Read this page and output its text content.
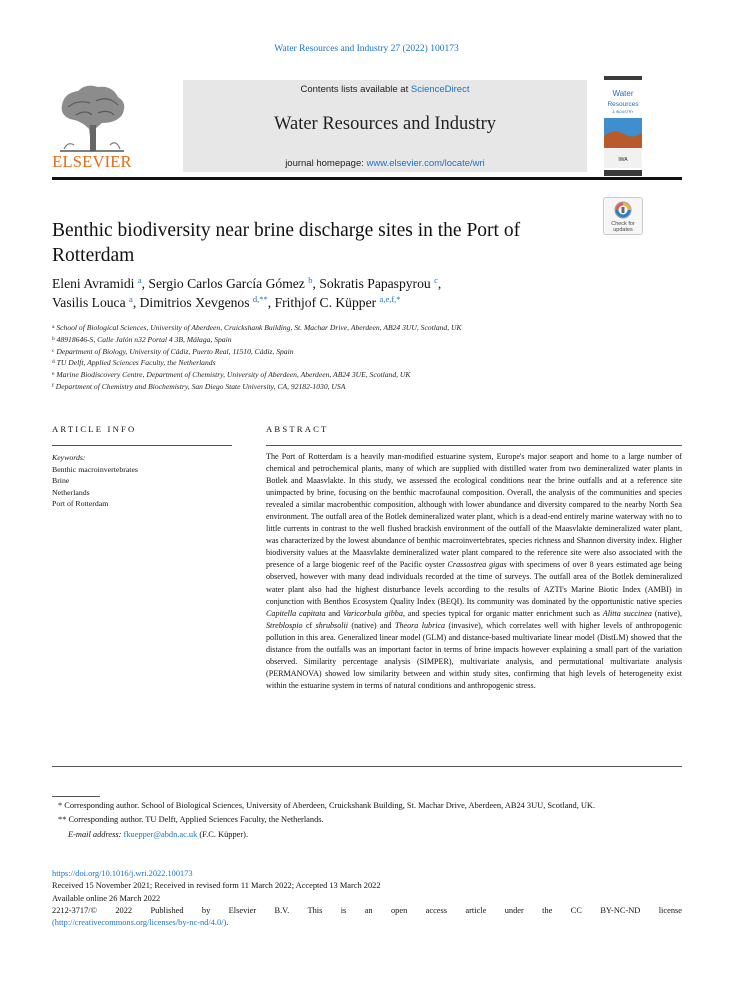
Water Resources and Industry 27 (2022) 100173
ELSEVIER
Contents lists available at ScienceDirect
Water Resources and Industry
journal homepage: www.elsevier.com/locate/wri
Water
Resources
& INDUSTRY
IWA
Benthic biodiversity near brine discharge sites in the Port of Rotterdam
Check for
updates
Eleni Avramidi $^a$, Sergio Carlos García Gómez $^b$, Sokratis Papaspyrou $^c$,
Vasilis Louca $^a$, Dimitrios Xevgenos $^{d,**}$, Frithjof C. Küpper $^{a,e,f,*}$
$^a$ School of Biological Sciences, University of Aberdeen, Cruickshank Building, St. Machar Drive, Aberdeen, AB24 3UU, Scotland, UK
$^b$ 48918646-S, Calle Jalón n32 Portal 4 3B, Málaga, Spain
$^c$ Department of Biology, University of Cádiz, Puerto Real, 11510, Cádiz, Spain
$^d$ TU Delft, Applied Sciences Faculty, the Netherlands
$^e$ Marine Biodiscovery Centre, Department of Chemistry, University of Aberdeen, Aberdeen, AB24 3UE, Scotland, UK
$^f$ Department of Chemistry and Biochemistry, San Diego State University, CA, 92182-1030, USA
ARTICLE INFO
Keywords:
Benthic macroinvertebrates
Brine
Netherlands
Port of Rotterdam
ABSTRACT
The Port of Rotterdam is a heavily man-modified estuarine system, Europe's major seaport and home to a large number of chemical and petrochemical plants, many of which are supplied with distilled water from two demineralized water plants in Botlek and Maasvlakte. In this study, we assessed the ecological conditions near the brine outfalls and at a reference site unimpacted by brine, focusing on the benthic macrofaunal composition. Overall, the analysis of the communities and species revealed a similar macrobenthic composition, although with lower abundance and diversity compared to the nearby North Sea environment. The outfall area of the Botlek demineralized water plant, which is a dead-end entirely marine waterway with no to little currents in contrast to the well flushed brackish environment of the outfall of the Maasvlakte demineralized water plant, was characterized by the lowest abundance of benthic macroinvertebrates, species richness and Shannon diversity index. Higher biodiversity values at the Maasvlakte demineralized water plant compared to the reference site were also associated with the presence of a large biogenic reef of the Pacific oyster Crassostrea gigas with specimens of over 8 years estimated age being observed, however with many dead individuals recorded at the time of surveys. The outfall area of the Botlek demineralized water plant also had the highest disturbance levels according to the results of AZTI's Marine Biotic Index (AMBI) in conjunction with Benthos Ecosystem Quality Index (BEQI). Its community was dominated by the opportunistic native species Capitella capitata and Varicorbula gibba, and species typical for organic matter enrichment such as Alitta succinea (native), Streblospio cf shrubsolii (native) and Theora lubrica (invasive), which correlates well with higher levels of anthropogenic pollution in this area. Generalized linear model (GLM) and distance-based multivariate linear model (DistLM) showed that the distance from the outfalls was an important factor in terms of brine impacts however explaining a small part of the variation observed. Similarity percentage analysis (SIMPER), multivariate analysis, and permutational multivariate analysis (PERMANOVA) showed low similarity between and within study sites, confirming that high levels of heterogeneity exist within the estuarine system in terms of natural conditions and anthropogenic stress.
* Corresponding author. School of Biological Sciences, University of Aberdeen, Cruickshank Building, St. Machar Drive, Aberdeen, AB24 3UU, Scotland, UK.
** Corresponding author. TU Delft, Applied Sciences Faculty, the Netherlands.
E-mail address: fkuepper@abdn.ac.uk (F.C. Küpper).
https://doi.org/10.1016/j.wri.2022.100173
Received 15 November 2021; Received in revised form 11 March 2022; Accepted 13 March 2022
Available online 26 March 2022
2212-3717/© 2022 Published by Elsevier B.V. This is an open access article under the CC BY-NC-ND license
(http://creativecommons.org/licenses/by-nc-nd/4.0/).
